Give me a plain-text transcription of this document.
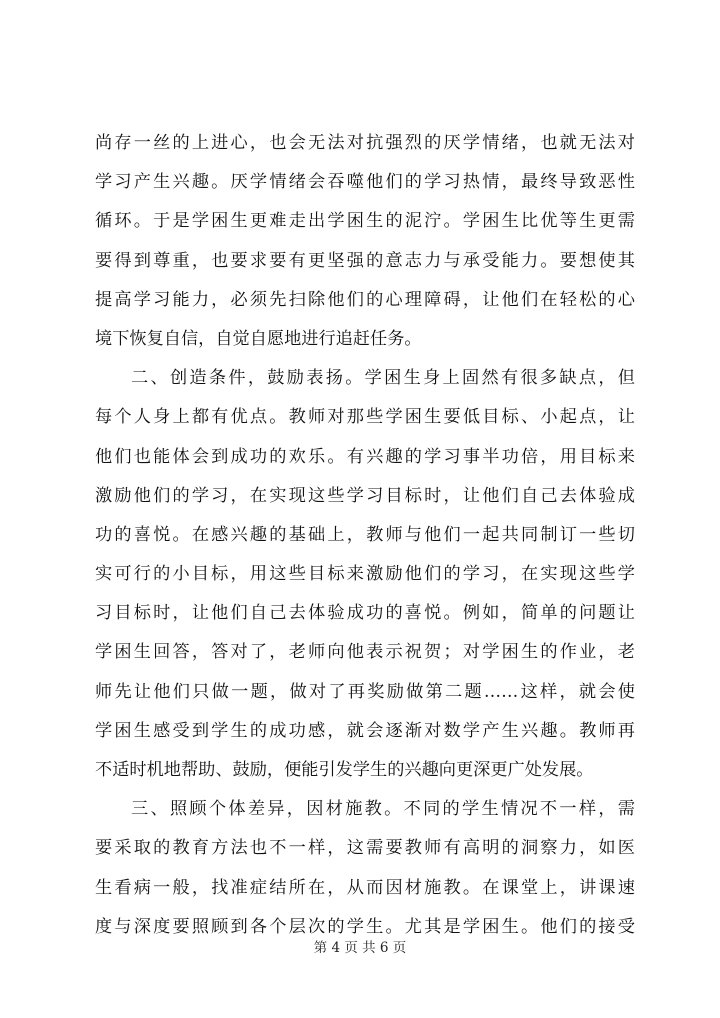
尚存一丝的上进心，也会无法对抗强烈的厌学情绪，也就无法对
学习产生兴趣。厌学情绪会吞噬他们的学习热情，最终导致恶性
循环。于是学困生更难走出学困生的泥泞。学困生比优等生更需
要得到尊重，也要求要有更坚强的意志力与承受能力。要想使其
提高学习能力，必须先扫除他们的心理障碍，让他们在轻松的心
境下恢复自信，自觉自愿地进行追赶任务。
二、创造条件，鼓励表扬。学困生身上固然有很多缺点，但
每个人身上都有优点。教师对那些学困生要低目标、小起点，让
他们也能体会到成功的欢乐。有兴趣的学习事半功倍，用目标来
激励他们的学习，在实现这些学习目标时，让他们自己去体验成
功的喜悦。在感兴趣的基础上，教师与他们一起共同制订一些切
实可行的小目标，用这些目标来激励他们的学习，在实现这些学
习目标时，让他们自己去体验成功的喜悦。例如，简单的问题让
学困生回答，答对了，老师向他表示祝贺；对学困生的作业，老
师先让他们只做一题，做对了再奖励做第二题……这样，就会使
学困生感受到学生的成功感，就会逐渐对数学产生兴趣。教师再
不适时机地帮助、鼓励，便能引发学生的兴趣向更深更广处发展。
三、照顾个体差异，因材施教。不同的学生情况不一样，需
要采取的教育方法也不一样，这需要教师有高明的洞察力，如医
生看病一般，找准症结所在，从而因材施教。在课堂上，讲课速
度与深度要照顾到各个层次的学生。尤其是学困生。他们的接受
第 4 页 共 6 页
